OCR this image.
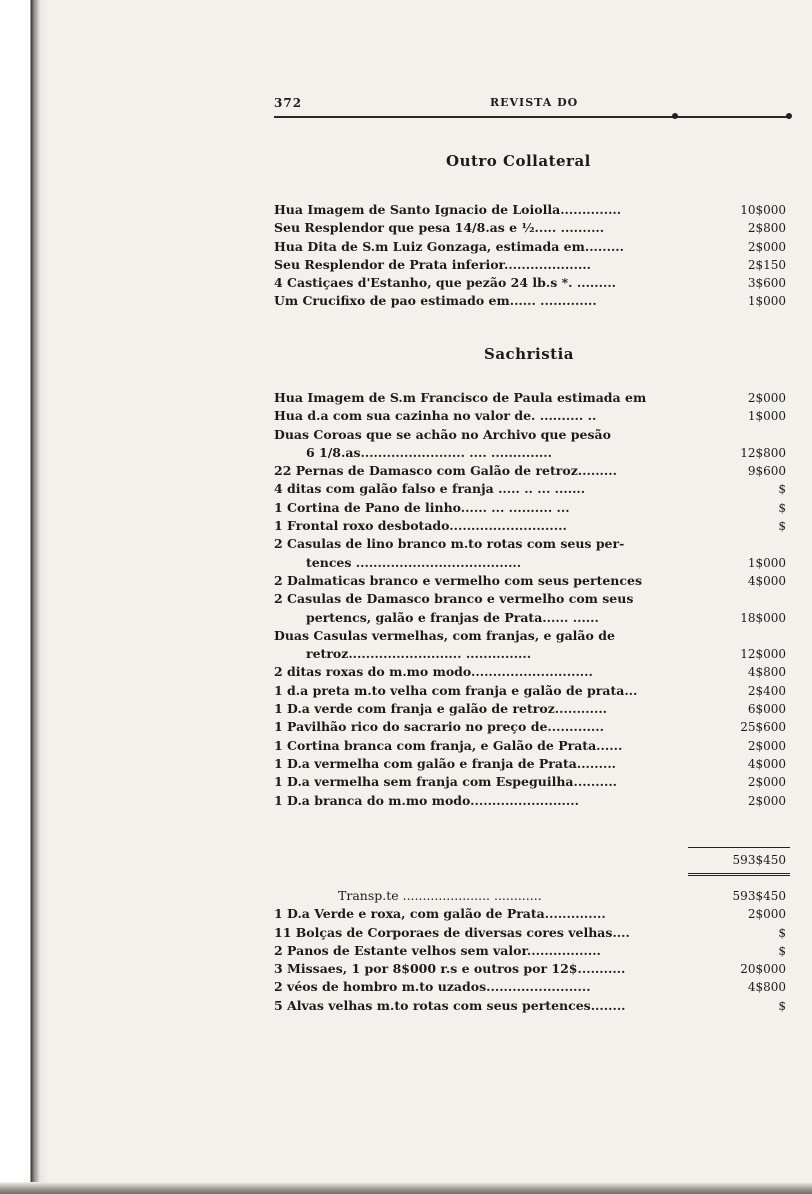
372	REVISTA DO
Outro Collateral
Hua Imagem de Santo Ignacio de Loiolla..............	10$000
Seu Resplendor que pesa 14/8.as e ½..... ..........	2$800
Hua Dita de S.m Luiz Gonzaga, estimada em.........	2$000
Seu Resplendor de Prata inferior....................	2$150
4 Castiçaes d'Estanho, que pezão 24 lb.s *. .........	3$600
Um Crucifixo de pao estimado em...... .............	1$000
Sachristia
Hua Imagem de S.m Francisco de Paula estimada em	2$000
Hua d.a com sua cazinha no valor de. .......... ..	1$000
Duas Coroas que se achão no Archivo que pesão
6 1/8.as........................ .... ..............	12$800
22 Pernas de Damasco com Galão de retroz.........	9$600
4 ditas com galão falso e franja ..... .. ... .......	$
1 Cortina de Pano de linho...... ... .......... ...	$
1 Frontal roxo desbotado...........................	$
2 Casulas de lino branco m.to rotas com seus per-
tences ......................................	1$000
2 Dalmaticas branco e vermelho com seus pertences	4$000
2 Casulas de Damasco branco e vermelho com seus
pertencs, galão e franjas de Prata...... ......	18$000
Duas Casulas vermelhas, com franjas, e galão de
retroz.......................... ...............	12$000
2 ditas roxas do m.mo modo............................	4$800
1 d.a preta m.to velha com franja e galão de prata...	2$400
1 D.a verde com franja e galão de retroz............	6$000
1 Pavilhão rico do sacrario no preço de.............	25$600
1 Cortina branca com franja, e Galão de Prata......	2$000
1 D.a vermelha com galão e franja de Prata.........	4$000
1 D.a vermelha sem franja com Espeguilha..........	2$000
1 D.a branca do m.mo modo.........................	2$000
593$450
Transp.te ...................... ............	593$450
1 D.a Verde e roxa, com galão de Prata..............	2$000
11 Bolças de Corporaes de diversas cores velhas....	$
2 Panos de Estante velhos sem valor.................	$
3 Missaes, 1 por 8$000 r.s e outros por 12$...........	20$000
2 véos de hombro m.to uzados........................	4$800
5 Alvas velhas m.to rotas com seus pertences........	$
